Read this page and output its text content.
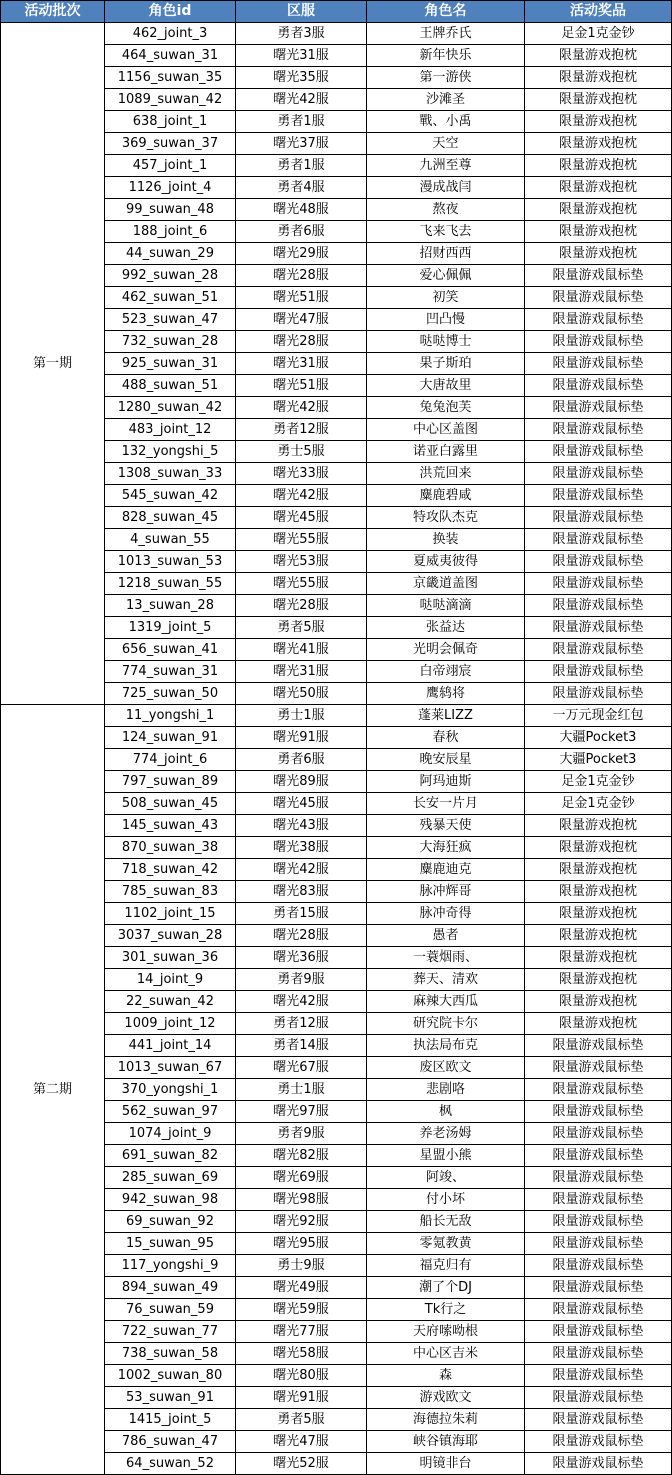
活动批次	角色id	区服	角色名	活动奖品
第一期	462_joint_3	勇者3服	王牌乔氏	足金1克金钞
	464_suwan_31	曙光31服	新年快乐	限量游戏抱枕
	1156_suwan_35	曙光35服	第一游侠	限量游戏抱枕
	1089_suwan_42	曙光42服	沙滩圣	限量游戏抱枕
	638_joint_1	勇者1服	戰、小禹	限量游戏抱枕
	369_suwan_37	曙光37服	天空	限量游戏抱枕
	457_joint_1	勇者1服	九洲至尊	限量游戏抱枕
	1126_joint_4	勇者4服	漫成战闫	限量游戏抱枕
	99_suwan_48	曙光48服	熬夜	限量游戏抱枕
	188_joint_6	勇者6服	飞来飞去	限量游戏抱枕
	44_suwan_29	曙光29服	招财西西	限量游戏抱枕
	992_suwan_28	曙光28服	爱心佩佩	限量游戏鼠标垫
	462_suwan_51	曙光51服	初笑	限量游戏鼠标垫
	523_suwan_47	曙光47服	凹凸慢	限量游戏鼠标垫
	732_suwan_28	曙光28服	哒哒博士	限量游戏鼠标垫
	925_suwan_31	曙光31服	果子斯珀	限量游戏鼠标垫
	488_suwan_51	曙光51服	大唐故里	限量游戏鼠标垫
	1280_suwan_42	曙光42服	兔兔泡芙	限量游戏鼠标垫
	483_joint_12	勇者12服	中心区盖图	限量游戏鼠标垫
	132_yongshi_5	勇士5服	诺亚白露里	限量游戏鼠标垫
	1308_suwan_33	曙光33服	洪荒回来	限量游戏鼠标垫
	545_suwan_42	曙光42服	麋鹿碧咸	限量游戏鼠标垫
	828_suwan_45	曙光45服	特攻队杰克	限量游戏鼠标垫
	4_suwan_55	曙光55服	换装	限量游戏鼠标垫
	1013_suwan_53	曙光53服	夏威夷彼得	限量游戏鼠标垫
	1218_suwan_55	曙光55服	京畿道盖图	限量游戏鼠标垫
	13_suwan_28	曙光28服	哒哒滴滴	限量游戏鼠标垫
	1319_joint_5	勇者5服	张益达	限量游戏鼠标垫
	656_suwan_41	曙光41服	光明会佩奇	限量游戏鼠标垫
	774_suwan_31	曙光31服	白帝翊宸	限量游戏鼠标垫
	725_suwan_50	曙光50服	鹰鸫将	限量游戏鼠标垫
第二期	11_yongshi_1	勇士1服	蓬莱LIZZ	一万元现金红包
	124_suwan_91	曙光91服	春秋	大疆Pocket3
	774_joint_6	勇者6服	晚安辰星	大疆Pocket3
	797_suwan_89	曙光89服	阿玛迪斯	足金1克金钞
	508_suwan_45	曙光45服	长安一片月	足金1克金钞
	145_suwan_43	曙光43服	残暴天使	限量游戏抱枕
	870_suwan_38	曙光38服	大海狂疯	限量游戏抱枕
	718_suwan_42	曙光42服	麋鹿迪克	限量游戏抱枕
	785_suwan_83	曙光83服	脉冲辉哥	限量游戏抱枕
	1102_joint_15	勇者15服	脉冲奇得	限量游戏抱枕
	3037_suwan_28	曙光28服	愚者	限量游戏抱枕
	301_suwan_36	曙光36服	一蓑烟雨、	限量游戏抱枕
	14_joint_9	勇者9服	葬天、清欢	限量游戏抱枕
	22_suwan_42	曙光42服	麻辣大西瓜	限量游戏抱枕
	1009_joint_12	勇者12服	研究院卡尔	限量游戏抱枕
	441_joint_14	勇者14服	执法局布克	限量游戏鼠标垫
	1013_suwan_67	曙光67服	废区欧文	限量游戏鼠标垫
	370_yongshi_1	勇士1服	悲剧咯	限量游戏鼠标垫
	562_suwan_97	曙光97服	枫	限量游戏鼠标垫
	1074_joint_9	勇者9服	养老汤姆	限量游戏鼠标垫
	691_suwan_82	曙光82服	星盟小熊	限量游戏鼠标垫
	285_suwan_69	曙光69服	阿竣、	限量游戏鼠标垫
	942_suwan_98	曙光98服	付小坏	限量游戏鼠标垫
	69_suwan_92	曙光92服	船长无敌	限量游戏鼠标垫
	15_suwan_95	曙光95服	零氪教黄	限量游戏鼠标垫
	117_yongshi_9	勇士9服	福克归有	限量游戏鼠标垫
	894_suwan_49	曙光49服	潮了个DJ	限量游戏鼠标垫
	76_suwan_59	曙光59服	Tk行之	限量游戏鼠标垫
	722_suwan_77	曙光77服	天府嗦呦根	限量游戏鼠标垫
	738_suwan_58	曙光58服	中心区吉米	限量游戏鼠标垫
	1002_suwan_80	曙光80服	森	限量游戏鼠标垫
	53_suwan_91	曙光91服	游戏欧文	限量游戏鼠标垫
	1415_joint_5	勇者5服	海德拉朱莉	限量游戏鼠标垫
	786_suwan_47	曙光47服	峡谷镇海耶	限量游戏鼠标垫
	64_suwan_52	曙光52服	明镜非台	限量游戏鼠标垫
